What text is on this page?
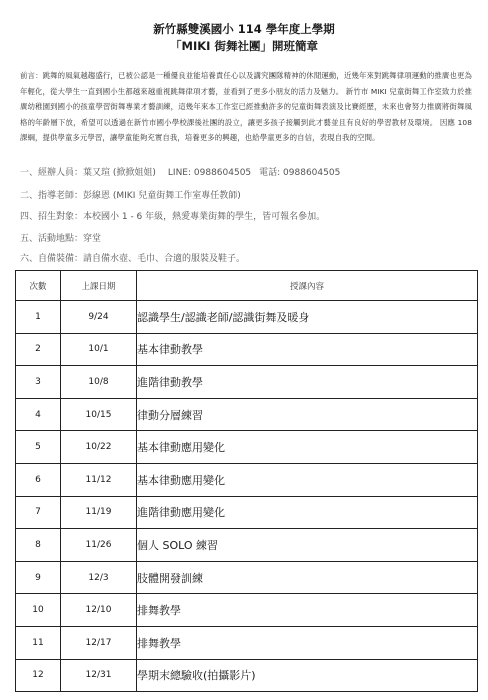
新竹縣雙溪國小 114 學年度上學期
「MIKI 街舞社團」開班簡章
前言：跳舞的風氣越趨盛行，已被公認是一種優良並能培養責任心以及講究團隊精神的休閒運動，近幾年來對跳舞律項運動的推廣也更為年輕化，從大學生一直到國小生都越來越重視跳舞律項才藝，並看到了更多小朋友的活力及魅力。 新竹市 MIKI 兒童街舞工作室致力於推廣幼稚園到國小的孩童學習街舞專業才藝訓練，這幾年來本工作室已經推動許多的兒童街舞表演及比賽經歷，未來也會努力推廣將街舞風格的年齡層下放，希望可以透過在新竹市國小學校課後社團的設立，讓更多孩子接觸到此才藝並且有良好的學習教材及環境。 因應 108 課綱，提供學童多元學習，讓學童能夠充實自我，培養更多的興趣，也給學童更多的自信，表現自我的空間。
一、經辦人員：葉又瑄 (掀掀姐姐) LINE: 0988604505 電話: 0988604505
二、指導老師：彭線恩 (MIKI 兒童街舞工作室專任教師)
四、招生對象：本校國小 1 - 6 年級，熱愛專業街舞的學生，皆可報名參加。
五、活動地點：穿堂
六、自備裝備：請自備水壺、毛巾、合適的服裝及鞋子。
次數	上課日期	授課內容
1	9/24	認識學生/認識老師/認識街舞及暖身
2	10/1	基本律動教學
3	10/8	進階律動教學
4	10/15	律動分層練習
5	10/22	基本律動應用變化
6	11/12	基本律動應用變化
7	11/19	進階律動應用變化
8	11/26	個人 SOLO 練習
9	12/3	肢體開發訓練
10	12/10	排舞教學
11	12/17	排舞教學
12	12/31	學期末總驗收(拍攝影片)
